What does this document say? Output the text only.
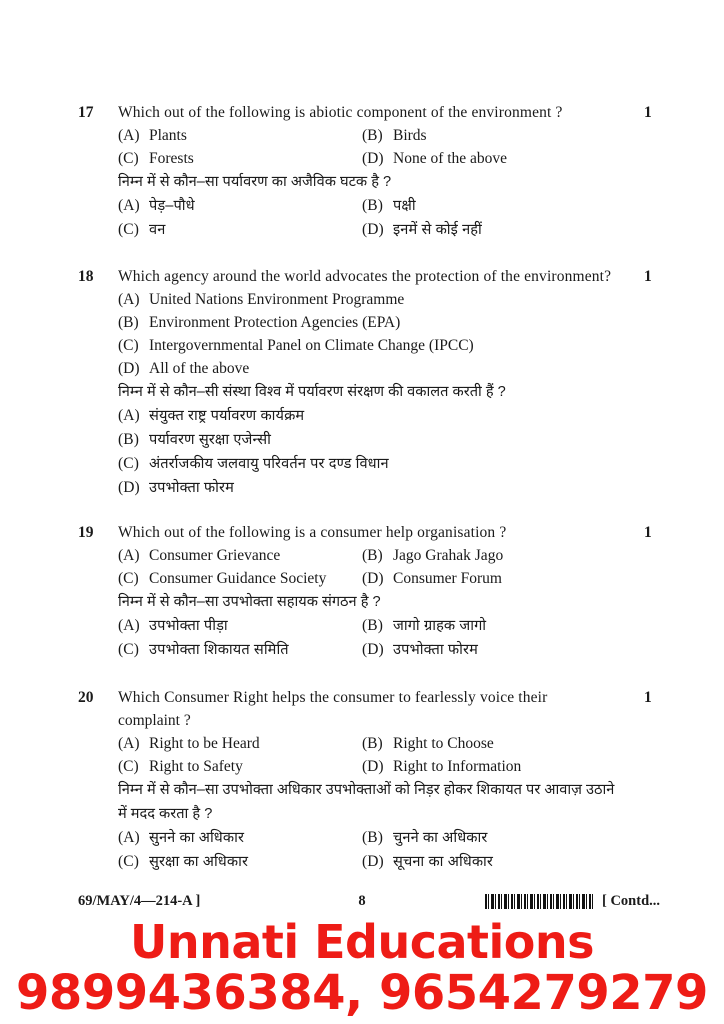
17	Which out of the following is abiotic component of the environment ?	1
(A) Plants	(B) Birds
(C) Forests	(D) None of the above
निम्न में से कौन–सा पर्यावरण का अजैविक घटक है ?
(A) पेड़–पौधे	(B) पक्षी
(C) वन	(D) इनमें से कोई नहीं
18	Which agency around the world advocates the protection of the environment? 1
(A) United Nations Environment Programme
(B) Environment Protection Agencies (EPA)
(C) Intergovernmental Panel on Climate Change (IPCC)
(D) All of the above
निम्न में से कौन–सी संस्था विश्व में पर्यावरण संरक्षण की वकालत करती हैं ?
(A) संयुक्त राष्ट्र पर्यावरण कार्यक्रम
(B) पर्यावरण सुरक्षा एजेन्सी
(C) अंतर्राजकीय जलवायु परिवर्तन पर दण्ड विधान
(D) उपभोक्ता फोरम
19	Which out of the following is a consumer help organisation ?	1
(A) Consumer Grievance	(B) Jago Grahak Jago
(C) Consumer Guidance Society (D) Consumer Forum
निम्न में से कौन–सा उपभोक्ता सहायक संगठन है ?
(A) उपभोक्ता पीड़ा	(B) जागो ग्राहक जागो
(C) उपभोक्ता शिकायत समिति	(D) उपभोक्ता फोरम
20	Which Consumer Right helps the consumer to fearlessly voice their	1
complaint ?
(A) Right to be Heard	(B) Right to Choose
(C) Right to Safety	(D) Right to Information
निम्न में से कौन–सा उपभोक्ता अधिकार उपभोक्ताओं को निड़र होकर शिकायत पर आवाज़ उठाने
में मदद करता है ?
(A) सुनने का अधिकार	(B) चुनने का अधिकार
(C) सुरक्षा का अधिकार	(D) सूचना का अधिकार
69/MAY/4—214-A ]	8	[ Contd...
Unnati Educations
9899436384, 9654279279
